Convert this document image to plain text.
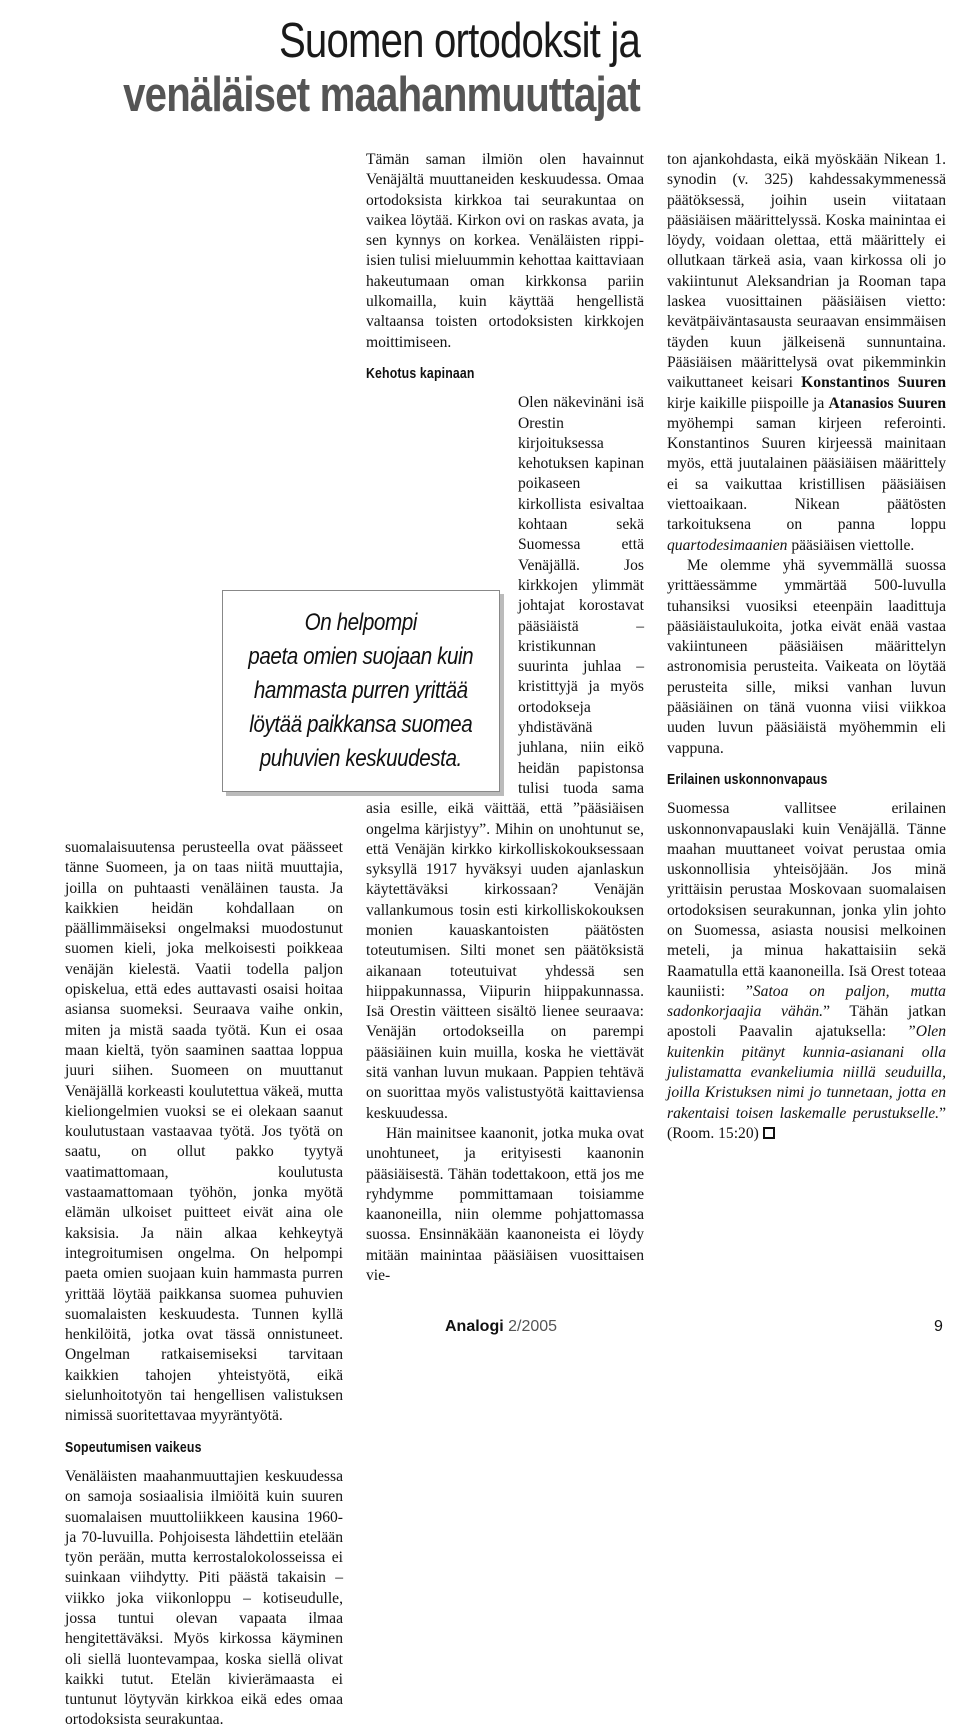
Suomen ortodoksit ja
venäläiset maahanmuuttajat

suomalaisuutensa perusteella ovat päässeet tänne Suomeen, ja on taas niitä muuttajia, joilla on puhtaasti venäläinen tausta. Ja kaikkien heidän kohdallaan on päällimmäiseksi ongelmaksi muodostunut suomen kieli, joka melkoisesti poikkeaa venäjän kielestä. Vaatii todella paljon opiskelua, että edes auttavasti osaisi hoitaa asiansa suomeksi. Seuraava vaihe onkin, miten ja mistä saada työtä. Kun ei osaa maan kieltä, työn saaminen saattaa loppua juuri siihen. Suomeen on muuttanut Venäjällä korkeasti koulutettua väkeä, mutta kieliongelmien vuoksi se ei olekaan saanut koulutustaan vastaavaa työtä. Jos työtä on saatu, on ollut pakko tyytyä vaatimattomaan, koulutusta vastaamattomaan työhön, jonka myötä elämän ulkoiset puitteet eivät aina ole kaksisia. Ja näin alkaa kehkeytyä integroitumisen ongelma. On helpompi paeta omien suojaan kuin hammasta purren yrittää löytää paikkansa suomea puhuvien suomalaisten keskuudesta. Tunnen kyllä henkilöitä, jotka ovat tässä onnistuneet. Ongelman ratkaisemiseksi tarvitaan kaikkien tahojen yhteistyötä, eikä sielunhoitotyön tai hengellisen valistuksen nimissä suoritettavaa myyräntyötä.

Sopeutumisen vaikeus

Venäläisten maahanmuuttajien keskuudessa on samoja sosiaalisia ilmiöitä kuin suuren suomalaisen muuttoliikkeen kausina 1960- ja 70-luvuilla. Pohjoisesta lähdettiin etelään työn perään, mutta kerrostalokolosseissa ei suinkaan viihdytty. Piti päästä takaisin – viikko joka viikonloppu – kotiseudulle, jossa tuntui olevan vapaata ilmaa hengitettäväksi. Myös kirkossa käyminen oli siellä luontevampaa, koska siellä olivat kaikki tutut. Etelän kivierämaasta ei tuntunut löytyvän kirkkoa eikä edes omaa ortodoksista seurakuntaa.

Tämän saman ilmiön olen havainnut Venäjältä muuttaneiden keskuudessa. Omaa ortodoksista kirkkoa tai seurakuntaa on vaikea löytää. Kirkon ovi on raskas avata, ja sen kynnys on korkea. Venäläisten rippi-isien tulisi mieluummin kehottaa kaittaviaan hakeutumaan oman kirkkonsa pariin ulkomailla, kuin käyttää hengellistä valtaansa toisten ortodoksisten kirkkojen moittimiseen.

Kehotus kapinaan

Olen näkevinäni isä Orestin kirjoituksessa kehotuksen kapinan poikaseen kirkollista esivaltaa kohtaan sekä Suomessa että Venäjällä. Jos kirkkojen ylimmät johtajat korostavat pääsiäistä – kristikunnan suurinta juhlaa – kristittyjä ja myös ortodokseja yhdistävänä juhlana, niin eikö heidän papistonsa tulisi tuoda sama asia esille, eikä väittää, että ”pääsiäisen ongelma kärjistyy”. Mihin on unohtunut se, että Venäjän kirkko kirkolliskokouksessaan syksyllä 1917 hyväksyi uuden ajanlaskun käytettäväksi kirkossaan? Venäjän vallankumous tosin esti kirkolliskokouksen monien kauaskantoisten päätösten toteutumisen. Silti monet sen päätöksistä aikanaan toteutuivat yhdessä sen hiippakunnassa, Viipurin hiippakunnassa. Isä Orestin väitteen sisältö lienee seuraava: Venäjän ortodokseilla on parempi pääsiäinen kuin muilla, koska he viettävät sitä vanhan luvun mukaan. Pappien tehtävä on suorittaa myös valistustyötä kaittaviensa keskuudessa.

Hän mainitsee kaanonit, jotka muka ovat unohtuneet, ja erityisesti kaanonin pääsiäisestä. Tähän todettakoon, että jos me ryhdymme pommittamaan toisiamme kaanoneilla, niin olemme pohjattomassa suossa. Ensinnäkään kaanoneista ei löydy mitään mainintaa pääsiäisen vuosittaisen vie-

ton ajankohdasta, eikä myöskään Nikean 1. synodin (v. 325) kahdessakymmenessä päätöksessä, joihin usein viitataan pääsiäisen määrittelyssä. Koska mainintaa ei löydy, voidaan olettaa, että määrittely ei ollutkaan tärkeä asia, vaan kirkossa oli jo vakiintunut Aleksandrian ja Rooman tapa laskea vuosittainen pääsiäisen vietto: kevätpäiväntasausta seuraavan ensimmäisen täyden kuun jälkeisenä sunnuntaina. Pääsiäisen määrittelysä ovat pikemminkin vaikuttaneet keisari Konstantinos Suuren kirje kaikille piispoille ja Atanasios Suuren myöhempi saman kirjeen referointi. Konstantinos Suuren kirjeessä mainitaan myös, että juutalainen pääsiäisen määrittely ei sa vaikuttaa kristillisen pääsiäisen viettoaikaan. Nikean päätösten tarkoituksena on panna loppu quartodesimaanien pääsiäisen viettolle.

Me olemme yhä syvemmällä suossa yrittäessämme ymmärtää 500-luvulla tuhansiksi vuosiksi eteenpäin laadittuja pääsiäistaulukoita, jotka eivät enää vastaa vakiintuneen pääsiäisen määrittelyn astronomisia perusteita. Vaikeata on löytää perusteita sille, miksi vanhan luvun pääsiäinen on tänä vuonna viisi viikkoa uuden luvun pääsiäistä myöhemmin eli vappuna.

Erilainen uskonnonvapaus

Suomessa vallitsee erilainen uskonnonvapauslaki kuin Venäjällä. Tänne maahan muuttaneet voivat perustaa omia uskonnollisia yhteisöjään. Jos minä yrittäisin perustaa Moskovaan suomalaisen ortodoksisen seurakunnan, jonka ylin johto on Suomessa, asiasta nousisi melkoinen meteli, ja minua hakattaisiin sekä Raamatulla että kaanoneilla. Isä Orest toteaa kauniisti: ”Satoa on paljon, mutta sadonkorjaajia vähän.” Tähän jatkan apostoli Paavalin ajatuksella: ”Olen kuitenkin pitänyt kunnia-asianani olla julistamatta evankeliumia niillä seuduilla, joilla Kristuksen nimi jo tunnetaan, jotta en rakentaisi toisen laskemalle perustukselle.” (Room. 15:20)

On helpompi
paeta omien suojaan kuin
hammasta purren yrittää
löytää paikkansa suomea
puhuvien keskuudesta.
Analogi 2/2005	9
